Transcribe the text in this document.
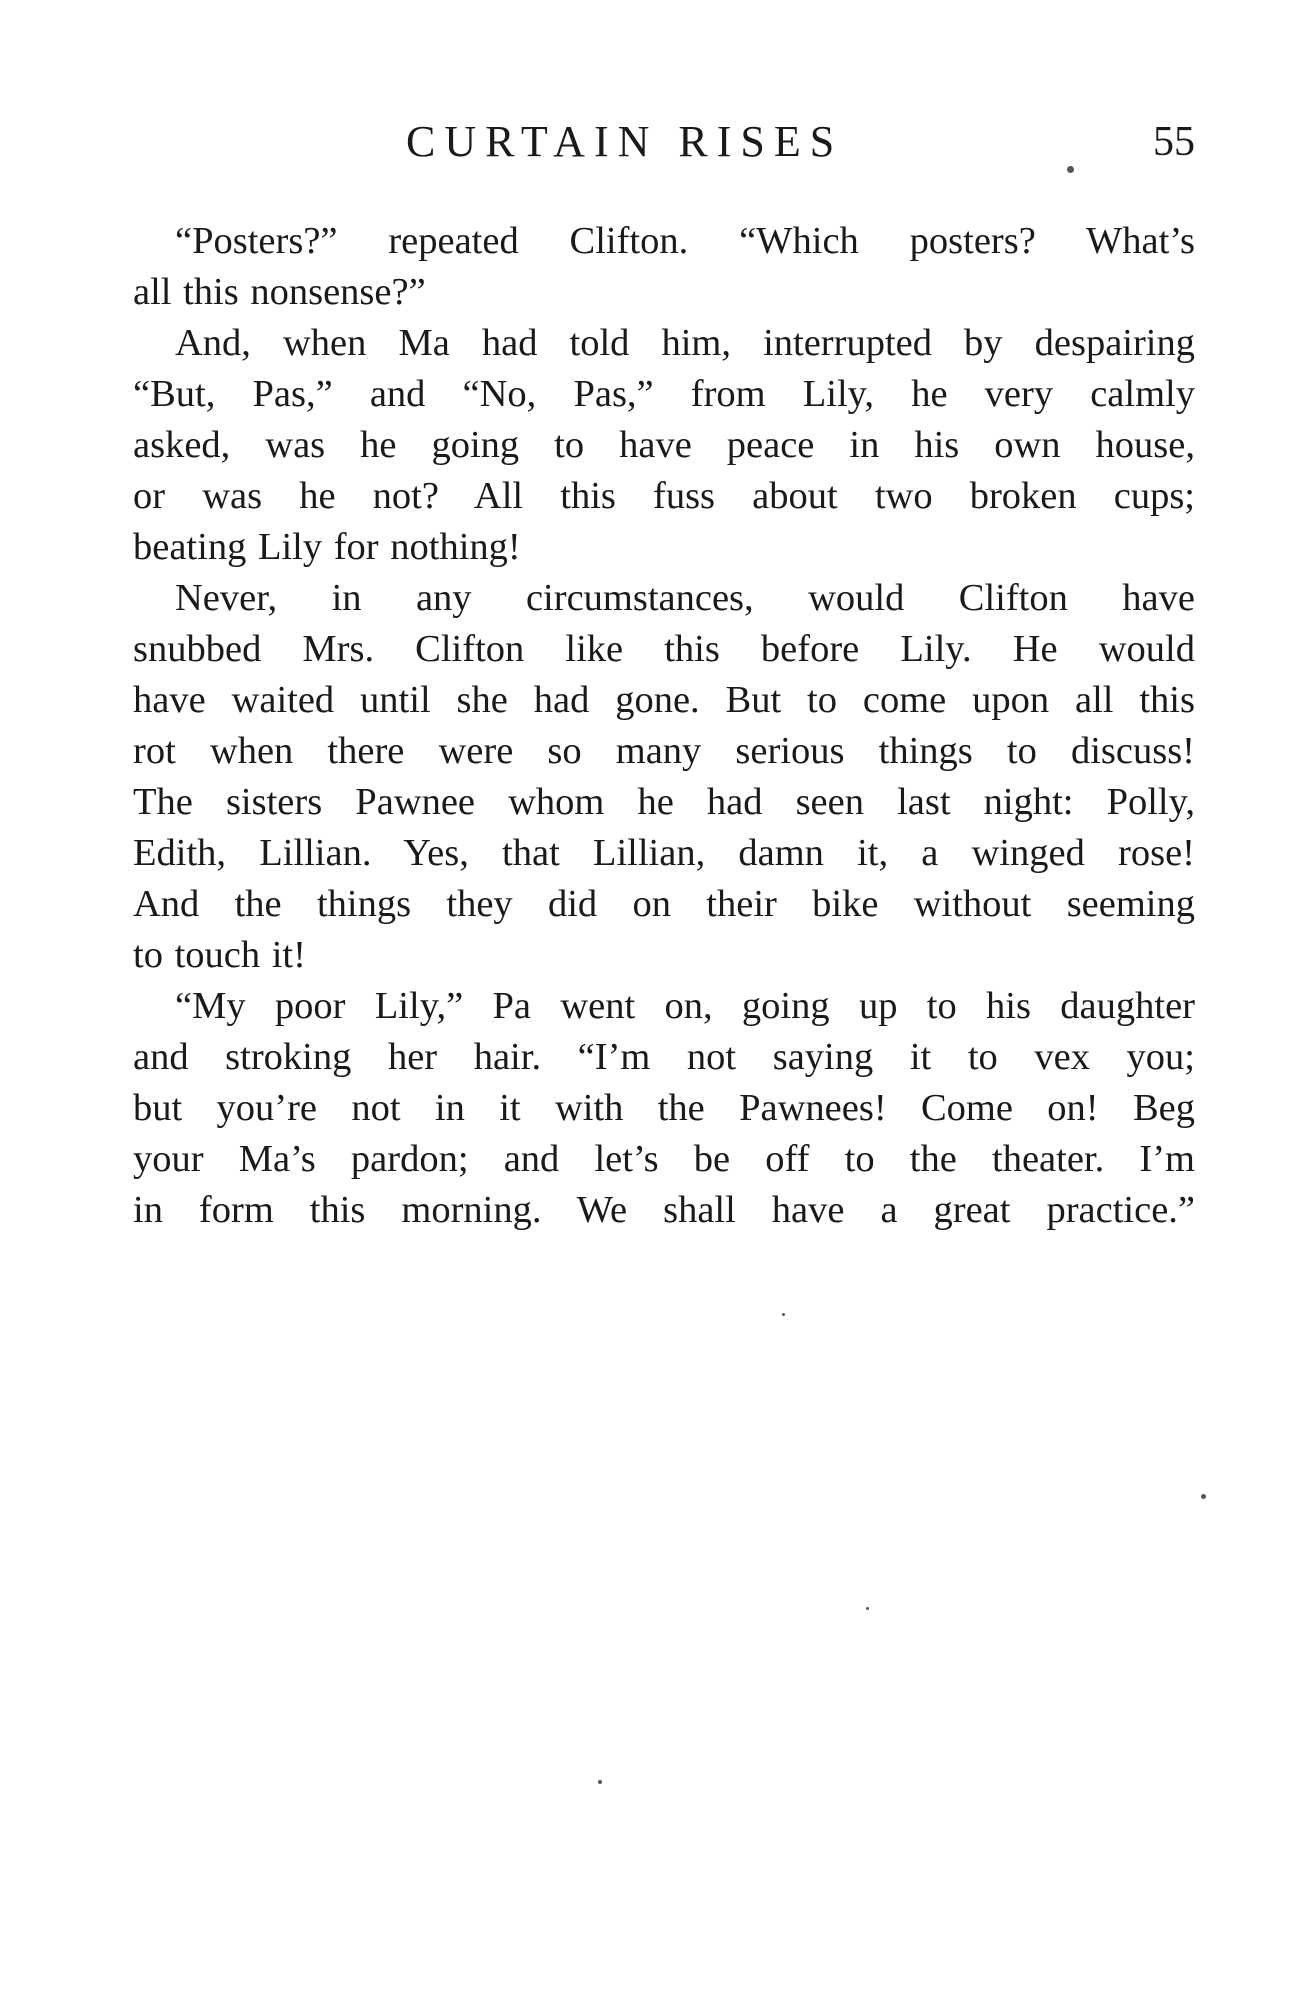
CURTAIN RISES	55
“Posters?” repeated Clifton. “Which posters? What’s
all this nonsense?”
And, when Ma had told him, interrupted by despairing
“But, Pas,” and “No, Pas,” from Lily, he very calmly
asked, was he going to have peace in his own house,
or was he not? All this fuss about two broken cups;
beating Lily for nothing!
Never, in any circumstances, would Clifton have
snubbed Mrs. Clifton like this before Lily. He would
have waited until she had gone. But to come upon all this
rot when there were so many serious things to discuss!
The sisters Pawnee whom he had seen last night: Polly,
Edith, Lillian. Yes, that Lillian, damn it, a winged rose!
And the things they did on their bike without seeming
to touch it!
“My poor Lily,” Pa went on, going up to his daughter
and stroking her hair. “I’m not saying it to vex you;
but you’re not in it with the Pawnees! Come on! Beg
your Ma’s pardon; and let’s be off to the theater. I’m
in form this morning. We shall have a great practice.”
